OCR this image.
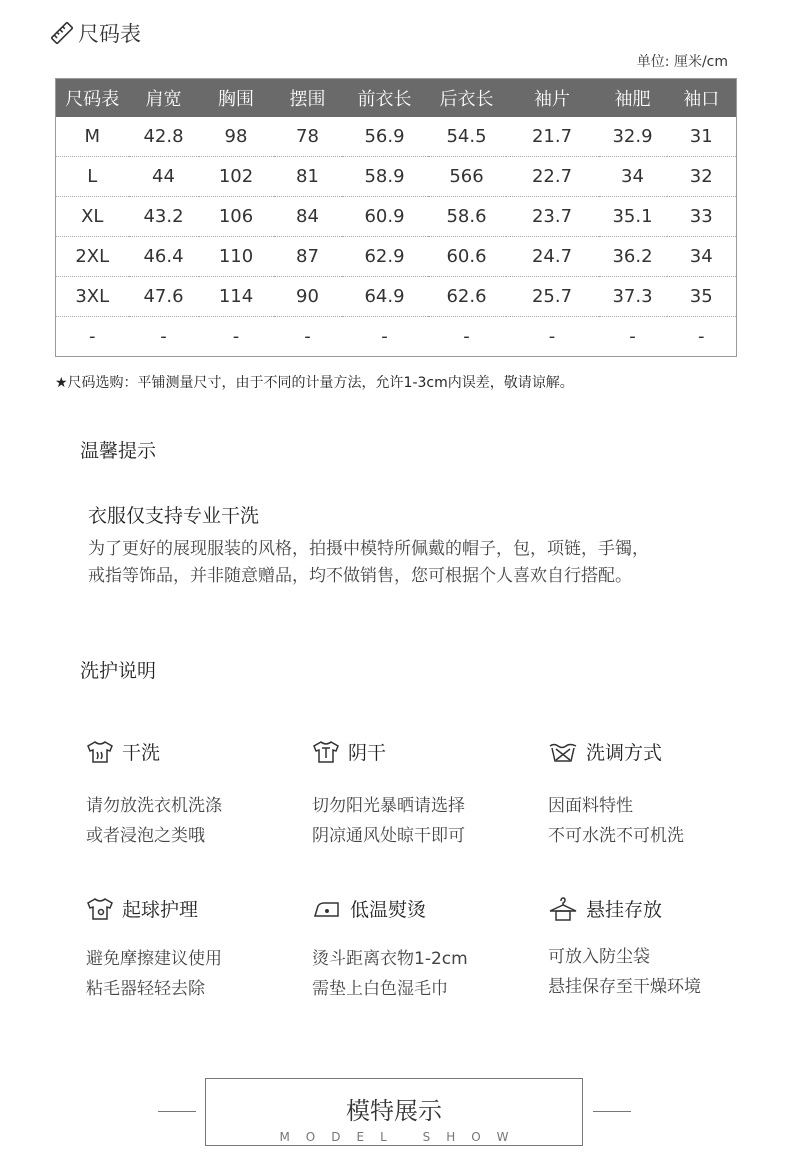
尺码表
单位: 厘米/cm
尺码表	肩宽	胸围	摆围	前衣长	后衣长	袖片	袖肥	袖口
M	42.8	98	78	56.9	54.5	21.7	32.9	31
L	44	102	81	58.9	566	22.7	34	32
XL	43.2	106	84	60.9	58.6	23.7	35.1	33
2XL	46.4	110	87	62.9	60.6	24.7	36.2	34
3XL	47.6	114	90	64.9	62.6	25.7	37.3	35
-	-	-	-	-	-	-	-	-
★尺码选购：平铺测量尺寸，由于不同的计量方法，允许1-3cm内误差，敬请谅解。
温馨提示
衣服仅支持专业干洗
为了更好的展现服装的风格，拍摄中模特所佩戴的帽子，包，项链，手镯，
戒指等饰品，并非随意赠品，均不做销售，您可根据个人喜欢自行搭配。
洗护说明
干洗
请勿放洗衣机洗涤
或者浸泡之类哦
阴干
切勿阳光暴晒请选择
阴凉通风处晾干即可
洗调方式
因面料特性
不可水洗不可机洗
起球护理
避免摩擦建议使用
粘毛器轻轻去除
低温熨烫
烫斗距离衣物1-2cm
需垫上白色湿毛巾
悬挂存放
可放入防尘袋
悬挂保存至干燥环境
模特展示
MODEL SHOW
